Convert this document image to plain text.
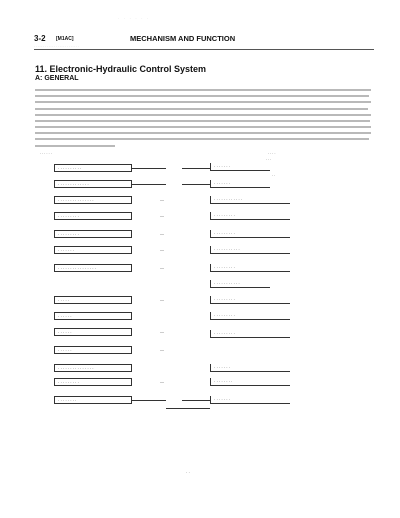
· · · · · ·
3-2 [M1AC]	MECHANISM AND FUNCTION
· · · · · · · · · · · · · · · · · · · · · · · · ·
11. Electronic-Hydraulic Control System
A: GENERAL
· · · · · ·	· · · ·
· · ·
· ·
· · · · · · · · · ·
· · · · · · · · · · · · ·
· · · · · · · · · · · · · · ·
· · · · · · · · ·
· · · · · · · · ·
· · · · · · ·
· · · · · · · · · · · · · · · ·
· · · · ·
· · · · · ·
· · · · · ·
· · · · · ·
· · · · · · · · · · · · · · ·
· · · · · · · · ·
· · · · · · · ·
—
—
—
—
—
—
—
—
—
—
· · · · · · ·
· · · · · · ·
· · · · · · · · · · · ·
· · · · · · · · ·
· · · · · · · · ·
· · · · · · · · · · ·
· · · · · · · · ·
· · · · · · · · · · ·
· · · · · · · · ·
· · · · · · · · ·
· · · · · · · · ·
· · · · · · ·
· · · · · · · ·
· · · · · · ·
· ·
